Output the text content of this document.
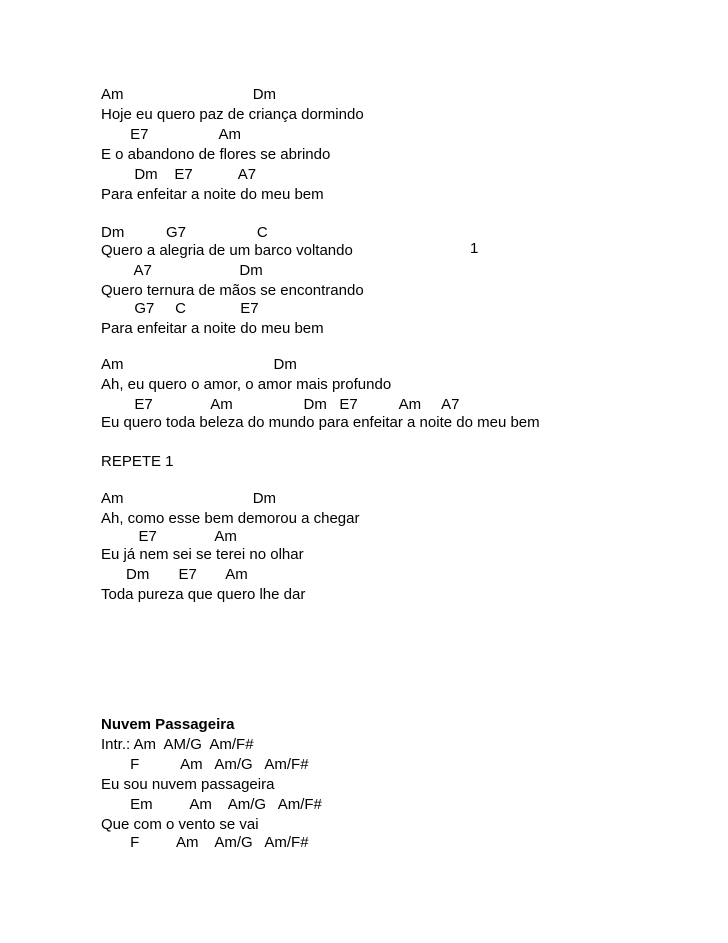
Am                               Dm
Hoje eu quero paz de criança dormindo
E7                 Am
E o abandono de flores se abrindo
Dm    E7           A7
Para enfeitar a noite do meu bem
Dm          G7                 C
Quero a alegria de um barco voltando	1
A7                     Dm
Quero ternura de mãos se encontrando
G7     C             E7
Para enfeitar a noite do meu bem
Am                                    Dm
Ah, eu quero o amor, o amor mais profundo
E7              Am                 Dm   E7          Am     A7
Eu quero toda beleza do mundo para enfeitar a noite do meu bem
REPETE 1
Am                               Dm
Ah, como esse bem demorou a chegar
E7              Am
Eu já nem sei se terei no olhar
Dm       E7       Am
Toda pureza que quero lhe dar
Nuvem Passageira
Intr.: Am  AM/G  Am/F#
F          Am   Am/G   Am/F#
Eu sou nuvem passageira
Em         Am    Am/G   Am/F#
Que com o vento se vai
F         Am    Am/G   Am/F#
